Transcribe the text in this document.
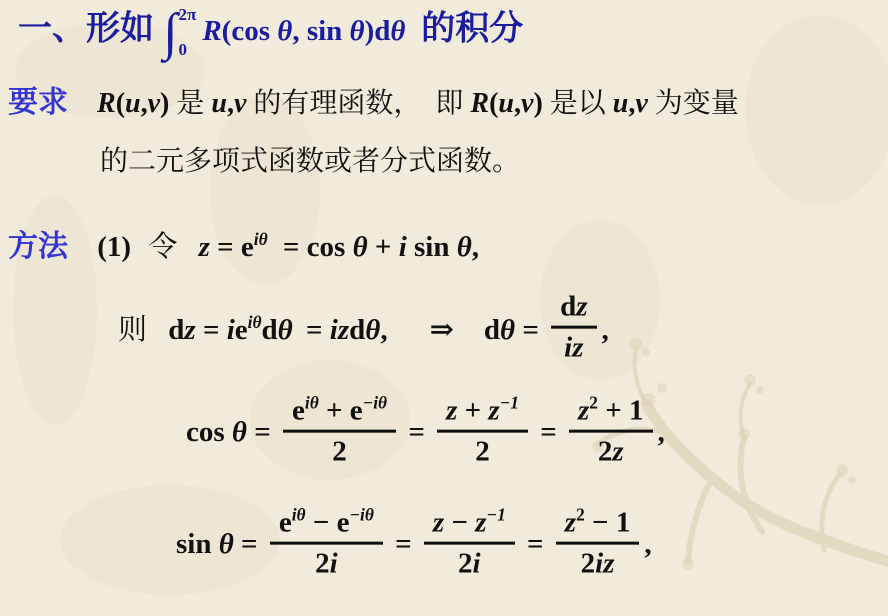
一、形如 ∫ 2π
0
R(cos θ, sin θ)dθ  的积分
要求 R(u,v) 是 u,v 的有理函数，　即 R(u,v) 是以 u,v 为变量
的二元多项式函数或者分式函数。
方法 (1) 令 $z = e^{i\theta} = \cos \theta + i$ sin θ,
则 dz = $ie^{i\theta}d\theta = izd\theta$, ⇒ $d\theta = \frac{dz}{iz}$ ,
$\cos \theta = \frac{e^{i\theta} + e^{-i\theta}}{2} = \frac{z + z^{-1}}{2} = \frac{z^2 + 1}{2z}$ ,
$\sin \theta = \frac{e^{i\theta} - e^{-i\theta}}{2i} = \frac{z - z^{-1}}{2i} = \frac{z^2 - 1}{2iz}$ ,
